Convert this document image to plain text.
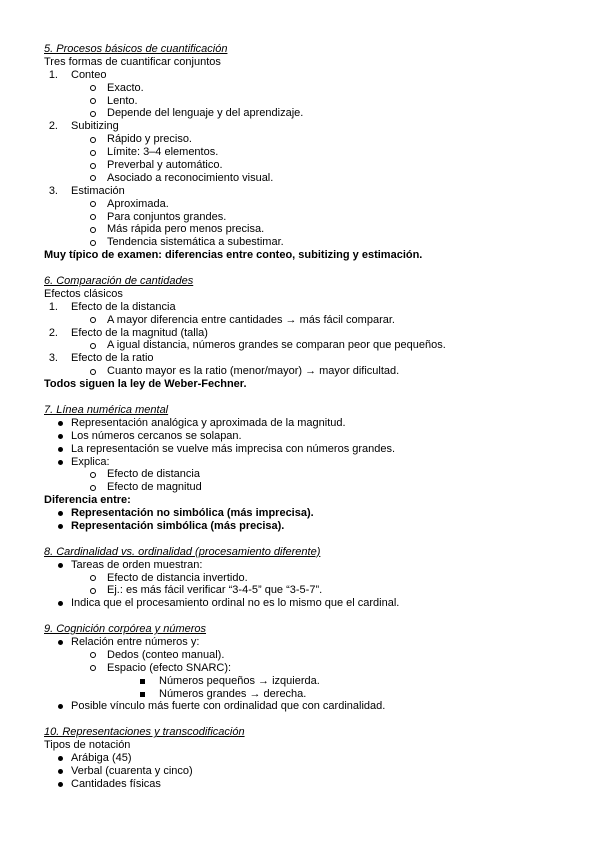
5. Procesos básicos de cuantificación
Tres formas de cuantificar conjuntos
1. Conteo
Exacto.
Lento.
Depende del lenguaje y del aprendizaje.
2. Subitizing
Rápido y preciso.
Límite: 3–4 elementos.
Preverbal y automático.
Asociado a reconocimiento visual.
3. Estimación
Aproximada.
Para conjuntos grandes.
Más rápida pero menos precisa.
Tendencia sistemática a subestimar.
Muy típico de examen: diferencias entre conteo, subitizing y estimación.
6. Comparación de cantidades
Efectos clásicos
1. Efecto de la distancia
A mayor diferencia entre cantidades → más fácil comparar.
2. Efecto de la magnitud (talla)
A igual distancia, números grandes se comparan peor que pequeños.
3. Efecto de la ratio
Cuanto mayor es la ratio (menor/mayor) → mayor dificultad.
Todos siguen la ley de Weber-Fechner.
7. Línea numérica mental
Representación analógica y aproximada de la magnitud.
Los números cercanos se solapan.
La representación se vuelve más imprecisa con números grandes.
Explica:
Efecto de distancia
Efecto de magnitud
Diferencia entre:
Representación no simbólica (más imprecisa).
Representación simbólica (más precisa).
8. Cardinalidad vs. ordinalidad (procesamiento diferente)
Tareas de orden muestran:
Efecto de distancia invertido.
Ej.: es más fácil verificar “3-4-5” que “3-5-7”.
Indica que el procesamiento ordinal no es lo mismo que el cardinal.
9. Cognición corpórea y números
Relación entre números y:
Dedos (conteo manual).
Espacio (efecto SNARC):
Números pequeños → izquierda.
Números grandes → derecha.
Posible vínculo más fuerte con ordinalidad que con cardinalidad.
10. Representaciones y transcodificación
Tipos de notación
Arábiga (45)
Verbal (cuarenta y cinco)
Cantidades físicas
